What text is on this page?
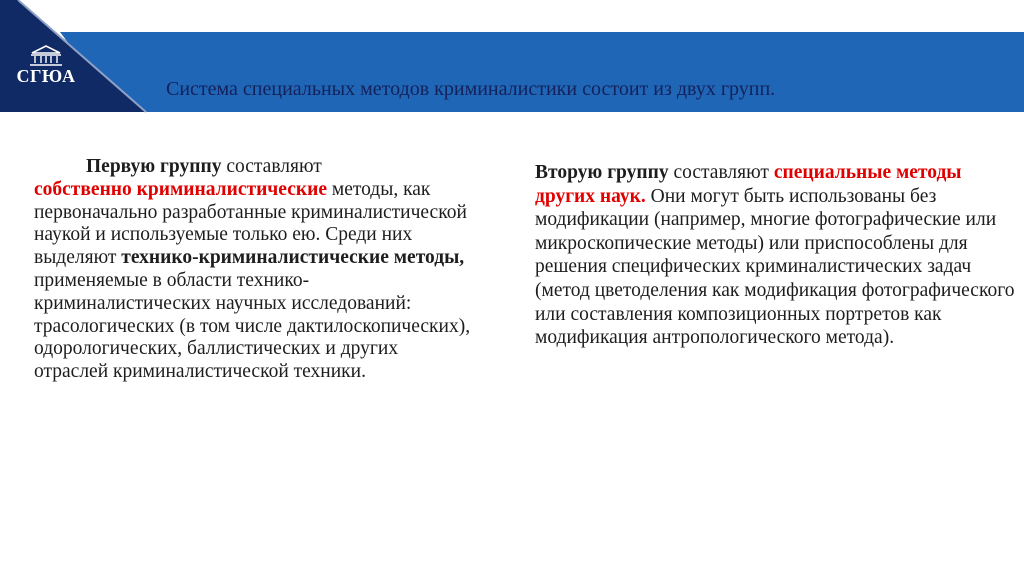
СГЮА
Система специальных методов криминалистики состоит из двух групп.
Первую группу составляют
собственно криминалистические методы, как первоначально разработанные криминалистической наукой и используемые только ею. Среди них выделяют технико-криминалистические методы, применяемые в области технико-криминалистических научных исследований: трасологических (в том числе дактилоскопических), одорологических, баллистических и других отраслей криминалистической техники.
Вторую группу составляют специальные методы других наук. Они могут быть использованы без модификации (например, многие фотографические или микроскопические методы) или приспособлены для решения специфических криминалистических задач (метод цветоделения как модификация фотографического или составления композиционных портретов как модификация антропологического метода).
